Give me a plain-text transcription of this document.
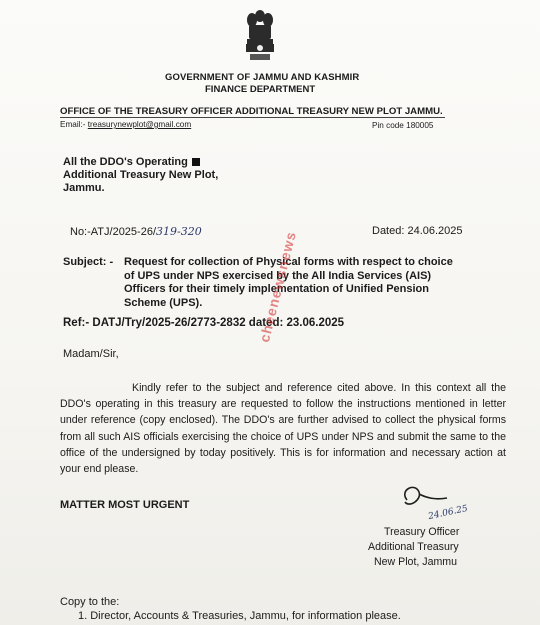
GOVERNMENT OF JAMMU AND KASHMIR
FINANCE DEPARTMENT
OFFICE OF THE TREASURY OFFICER ADDITIONAL TREASURY NEW PLOT JAMMU.
Email:- treasurynewplot@gmail.com	Pin code 180005
All the DDO's Operating
Additional Treasury New Plot,
Jammu.
No:-ATJ/2025-26/319-320	Dated: 24.06.2025
Subject: - Request for collection of Physical forms with respect to choice of UPS under NPS exercised by the All India Services (AIS) Officers for their timely implementation of Unified Pension Scheme (UPS).
Ref:- DATJ/Try/2025-26/2773-2832 dated: 23.06.2025
Madam/Sir,
Kindly refer to the subject and reference cited above. In this context all the DDO's operating in this treasury are requested to follow the instructions mentioned in letter under reference (copy enclosed). The DDO's are further advised to collect the physical forms from all such AIS officials exercising the choice of UPS under NPS and submit the same to the office of the undersigned by today positively. This is for information and necessary action at your end please.
MATTER MOST URGENT	24.06.25
Treasury Officer
Additional Treasury
New Plot, Jammu
Copy to the:
1. Director, Accounts & Treasuries, Jammu, for information please.
cheenewsnews
